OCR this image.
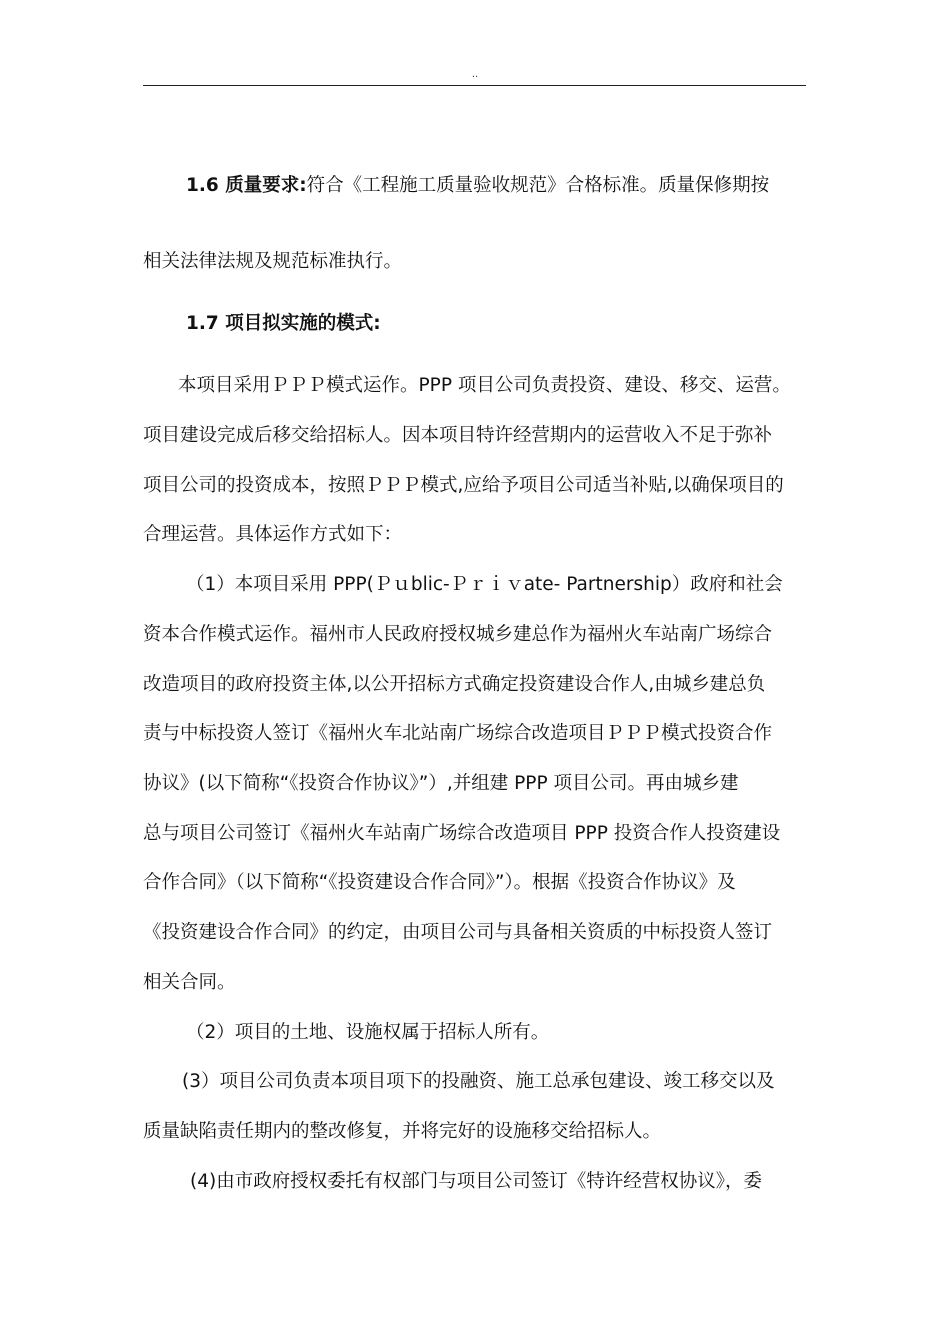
..
1.6 质量要求:符合《工程施工质量验收规范》合格标准。质量保修期按
相关法律法规及规范标准执行。
1.7 项目拟实施的模式:
本项目采用ＰＰＰ模式运作。PPP 项目公司负责投资、建设、移交、运营。
项目建设完成后移交给招标人。因本项目特许经营期内的运营收入不足于弥补
项目公司的投资成本，按照ＰＰＰ模式,应给予项目公司适当补贴,以确保项目的
合理运营。具体运作方式如下：
（1）本项目采用 PPP(Ｐｕblic-Ｐｒｉｖate- Partnership）政府和社会
资本合作模式运作。福州市人民政府授权城乡建总作为福州火车站南广场综合
改造项目的政府投资主体,以公开招标方式确定投资建设合作人,由城乡建总负
责与中标投资人签订《福州火车北站南广场综合改造项目ＰＰＰ模式投资合作
协议》(以下简称“《投资合作协议》”）,并组建 PPP 项目公司。再由城乡建
总与项目公司签订《福州火车站南广场综合改造项目 PPP 投资合作人投资建设
合作合同》（以下简称“《投资建设合作合同》”）。根据《投资合作协议》及
《投资建设合作合同》的约定，由项目公司与具备相关资质的中标投资人签订
相关合同。
（2）项目的土地、设施权属于招标人所有。
(3）项目公司负责本项目项下的投融资、施工总承包建设、竣工移交以及
质量缺陷责任期内的整改修复，并将完好的设施移交给招标人。
(4)由市政府授权委托有权部门与项目公司签订《特许经营权协议》，委
